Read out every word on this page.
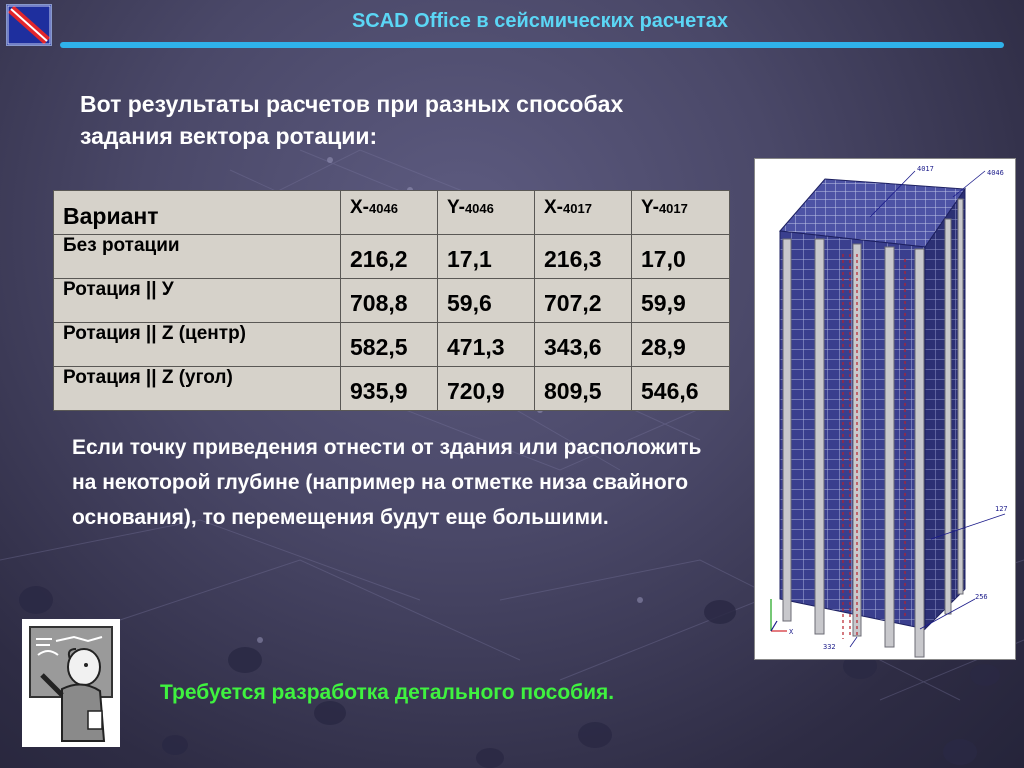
SCAD Office в сейсмических расчетах
Вот результаты расчетов при разных способах задания вектора ротации:
Вариант	X-4046	Y-4046	X-4017	Y-4017
Без ротации	216,2	17,1	216,3	17,0
Ротация || У	708,8	59,6	707,2	59,9
Ротация || Z (центр)	582,5	471,3	343,6	28,9
Ротация || Z (угол)	935,9	720,9	809,5	546,6
4017	4046
127
256
332
X
Если точку приведения отнести от здания или расположить на некоторой глубине (например на отметке низа свайного основания), то перемещения будут еще большими.
Требуется разработка детального пособия.
